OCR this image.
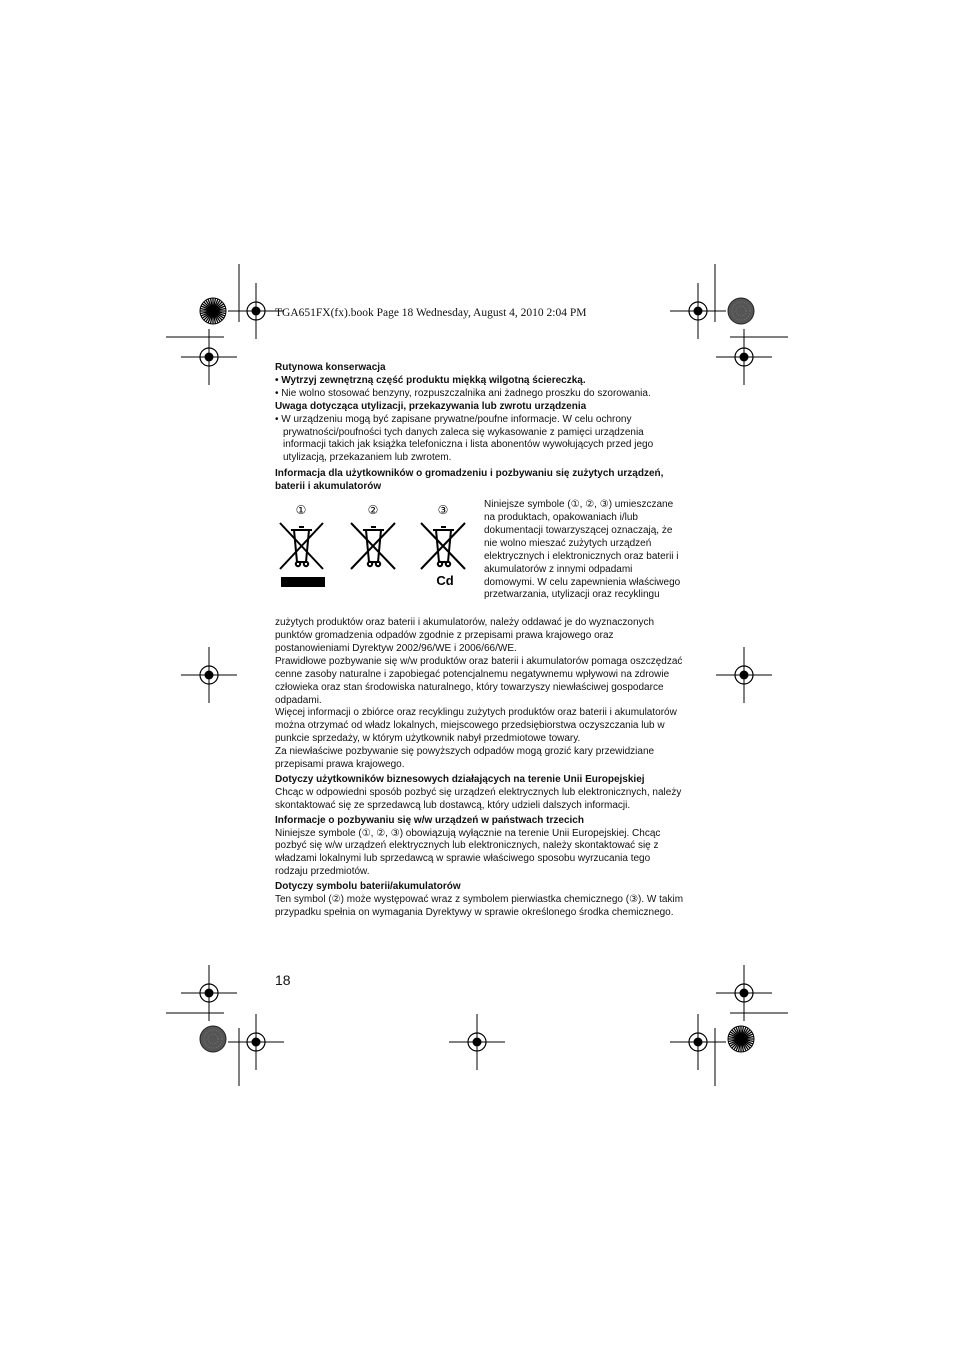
TGA651FX(fx).book Page 18 Wednesday, August 4, 2010 2:04 PM

Rutynowa konserwacja

• Wytrzyj zewnętrzną część produktu miękką wilgotną ściereczką.

• Nie wolno stosować benzyny, rozpuszczalnika ani żadnego proszku do szorowania.

Uwaga dotycząca utylizacji, przekazywania lub zwrotu urządzenia

• W urządzeniu mogą być zapisane prywatne/poufne informacje. W celu ochrony prywatności/poufności tych danych zaleca się wykasowanie z pamięci urządzenia informacji takich jak książka telefoniczna i lista abonentów wywołujących przed jego utylizacją, przekazaniem lub zwrotem.

Informacja dla użytkowników o gromadzeniu i pozbywaniu się zużytych urządzeń, baterii i akumulatorów

①	②	③
Cd

Niniejsze symbole (①, ②, ③) umieszczane na produktach, opakowaniach i/lub dokumentacji towarzyszącej oznaczają, że nie wolno mieszać zużytych urządzeń elektrycznych i elektronicznych oraz baterii i akumulatorów z innymi odpadami domowymi. W celu zapewnienia właściwego przetwarzania, utylizacji oraz recyklingu

zużytych produktów oraz baterii i akumulatorów, należy oddawać je do wyznaczonych punktów gromadzenia odpadów zgodnie z przepisami prawa krajowego oraz postanowieniami Dyrektyw 2002/96/WE i 2006/66/WE.

Prawidłowe pozbywanie się w/w produktów oraz baterii i akumulatorów pomaga oszczędzać cenne zasoby naturalne i zapobiegać potencjalnemu negatywnemu wpływowi na zdrowie człowieka oraz stan środowiska naturalnego, który towarzyszy niewłaściwej gospodarce odpadami.

Więcej informacji o zbiórce oraz recyklingu zużytych produktów oraz baterii i akumulatorów można otrzymać od władz lokalnych, miejscowego przedsiębiorstwa oczyszczania lub w punkcie sprzedaży, w którym użytkownik nabył przedmiotowe towary.

Za niewłaściwe pozbywanie się powyższych odpadów mogą grozić kary przewidziane przepisami prawa krajowego.

Dotyczy użytkowników biznesowych działających na terenie Unii Europejskiej

Chcąc w odpowiedni sposób pozbyć się urządzeń elektrycznych lub elektronicznych, należy skontaktować się ze sprzedawcą lub dostawcą, który udzieli dalszych informacji.

Informacje o pozbywaniu się w/w urządzeń w państwach trzecich

Niniejsze symbole (①, ②, ③) obowiązują wyłącznie na terenie Unii Europejskiej. Chcąc pozbyć się w/w urządzeń elektrycznych lub elektronicznych, należy skontaktować się z władzami lokalnymi lub sprzedawcą w sprawie właściwego sposobu wyrzucania tego rodzaju przedmiotów.

Dotyczy symbolu baterii/akumulatorów

Ten symbol (②) może występować wraz z symbolem pierwiastka chemicznego (③). W takim przypadku spełnia on wymagania Dyrektywy w sprawie określonego środka chemicznego.

18
